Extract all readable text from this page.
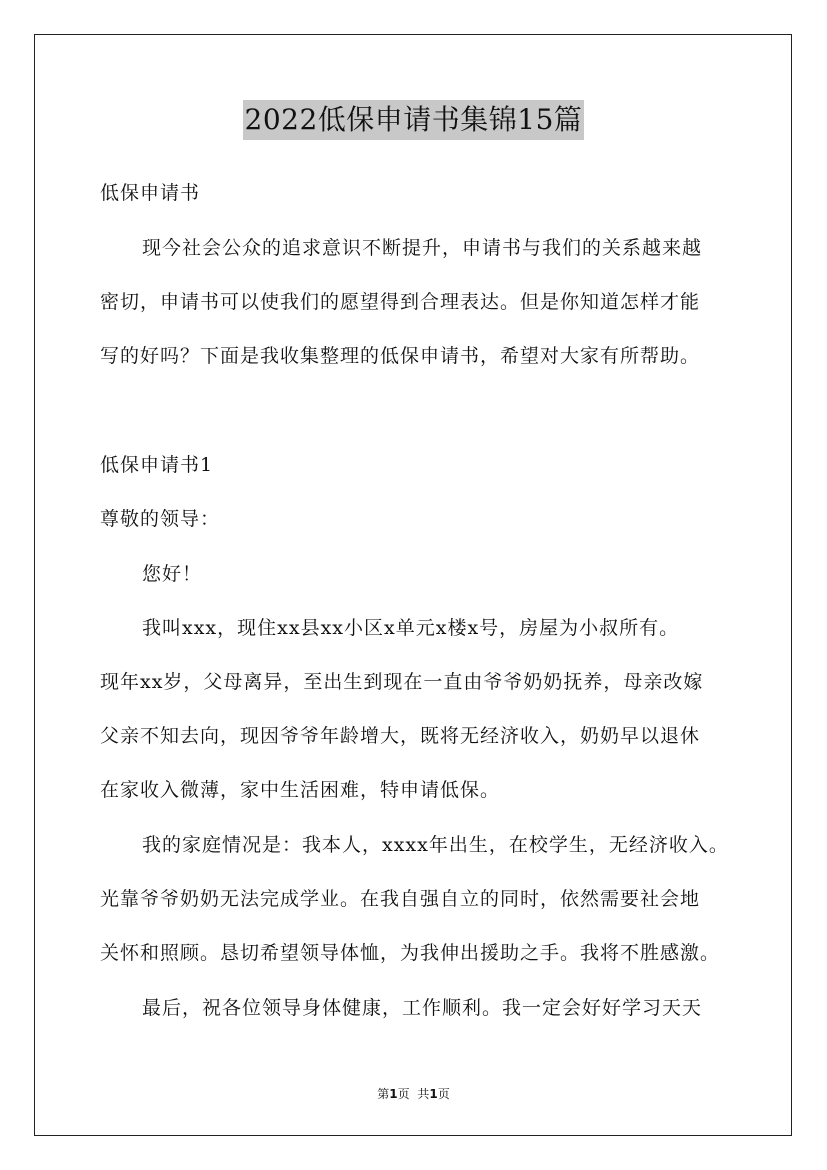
2022低保申请书集锦15篇
低保申请书
现今社会公众的追求意识不断提升，申请书与我们的关系越来越
密切，申请书可以使我们的愿望得到合理表达。但是你知道怎样才能
写的好吗？下面是我收集整理的低保申请书，希望对大家有所帮助。
低保申请书1
尊敬的领导：
您好！
我叫xxx，现住xx县xx小区x单元x楼x号，房屋为小叔所有。
现年xx岁，父母离异，至出生到现在一直由爷爷奶奶抚养，母亲改嫁
父亲不知去向，现因爷爷年龄增大，既将无经济收入，奶奶早以退休
在家收入微薄，家中生活困难，特申请低保。
我的家庭情况是：我本人，xxxx年出生，在校学生，无经济收入。
光靠爷爷奶奶无法完成学业。在我自强自立的同时，依然需要社会地
关怀和照顾。恳切希望领导体恤，为我伸出援助之手。我将不胜感激。
最后，祝各位领导身体健康，工作顺利。我一定会好好学习天天
第1页 共1页
